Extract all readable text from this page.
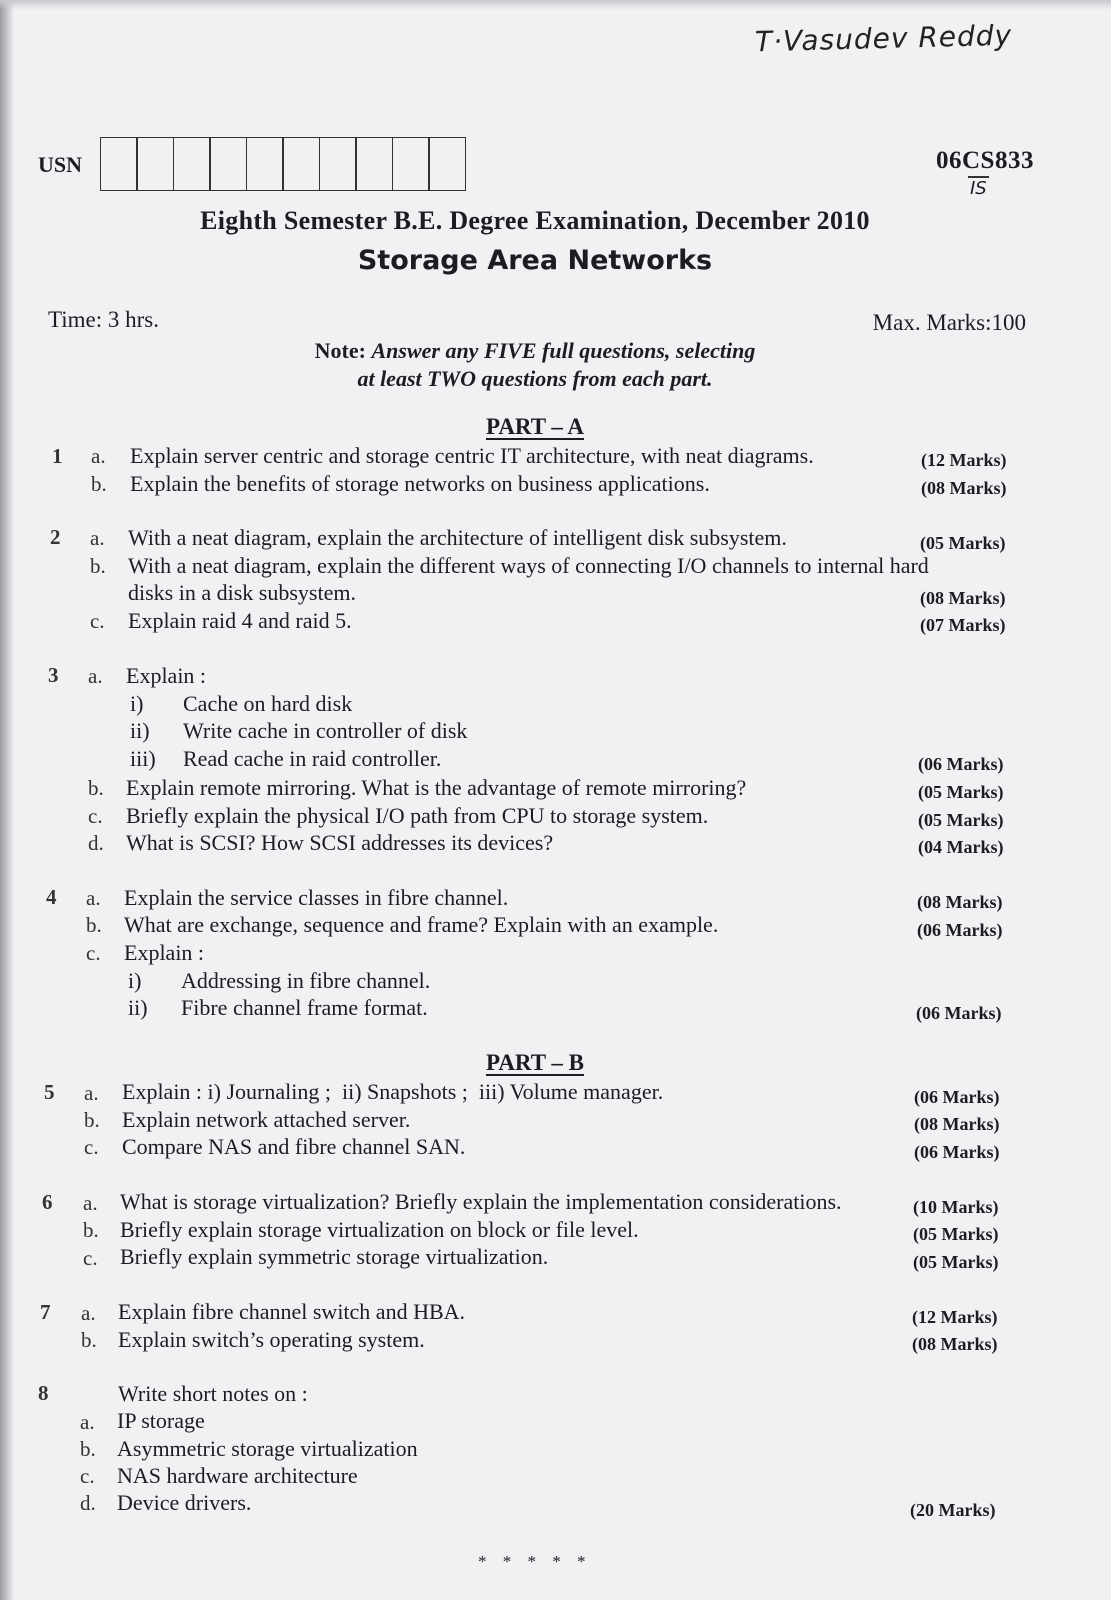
T·Vasudev Reddy
USN	06CS833
IS
Eighth Semester B.E. Degree Examination, December 2010
Storage Area Networks
Time: 3 hrs.	Max. Marks:100
Note: Answer any FIVE full questions, selecting
at least TWO questions from each part.
PART – A
1 a. Explain server centric and storage centric IT architecture, with neat diagrams.	(12 Marks)
b. Explain the benefits of storage networks on business applications.	(08 Marks)
2 a. With a neat diagram, explain the architecture of intelligent disk subsystem.	(05 Marks)
b. With a neat diagram, explain the different ways of connecting I/O channels to internal hard
disks in a disk subsystem.	(08 Marks)
c. Explain raid 4 and raid 5.	(07 Marks)
3 a. Explain :
i) Cache on hard disk
ii) Write cache in controller of disk
iii) Read cache in raid controller.	(06 Marks)
b. Explain remote mirroring. What is the advantage of remote mirroring?	(05 Marks)
c. Briefly explain the physical I/O path from CPU to storage system.	(05 Marks)
d. What is SCSI? How SCSI addresses its devices?	(04 Marks)
4 a. Explain the service classes in fibre channel.	(08 Marks)
b. What are exchange, sequence and frame? Explain with an example.	(06 Marks)
c. Explain :
i) Addressing in fibre channel.
ii) Fibre channel frame format.	(06 Marks)
PART – B
5 a. Explain : i) Journaling ;  ii) Snapshots ;  iii) Volume manager.	(06 Marks)
b. Explain network attached server.	(08 Marks)
c. Compare NAS and fibre channel SAN.	(06 Marks)
6 a. What is storage virtualization? Briefly explain the implementation considerations.	(10 Marks)
b. Briefly explain storage virtualization on block or file level.	(05 Marks)
c. Briefly explain symmetric storage virtualization.	(05 Marks)
7 a. Explain fibre channel switch and HBA.	(12 Marks)
b. Explain switch’s operating system.	(08 Marks)
8	Write short notes on :
a. IP storage
b. Asymmetric storage virtualization
c. NAS hardware architecture
d. Device drivers.	(20 Marks)
* * * * *
